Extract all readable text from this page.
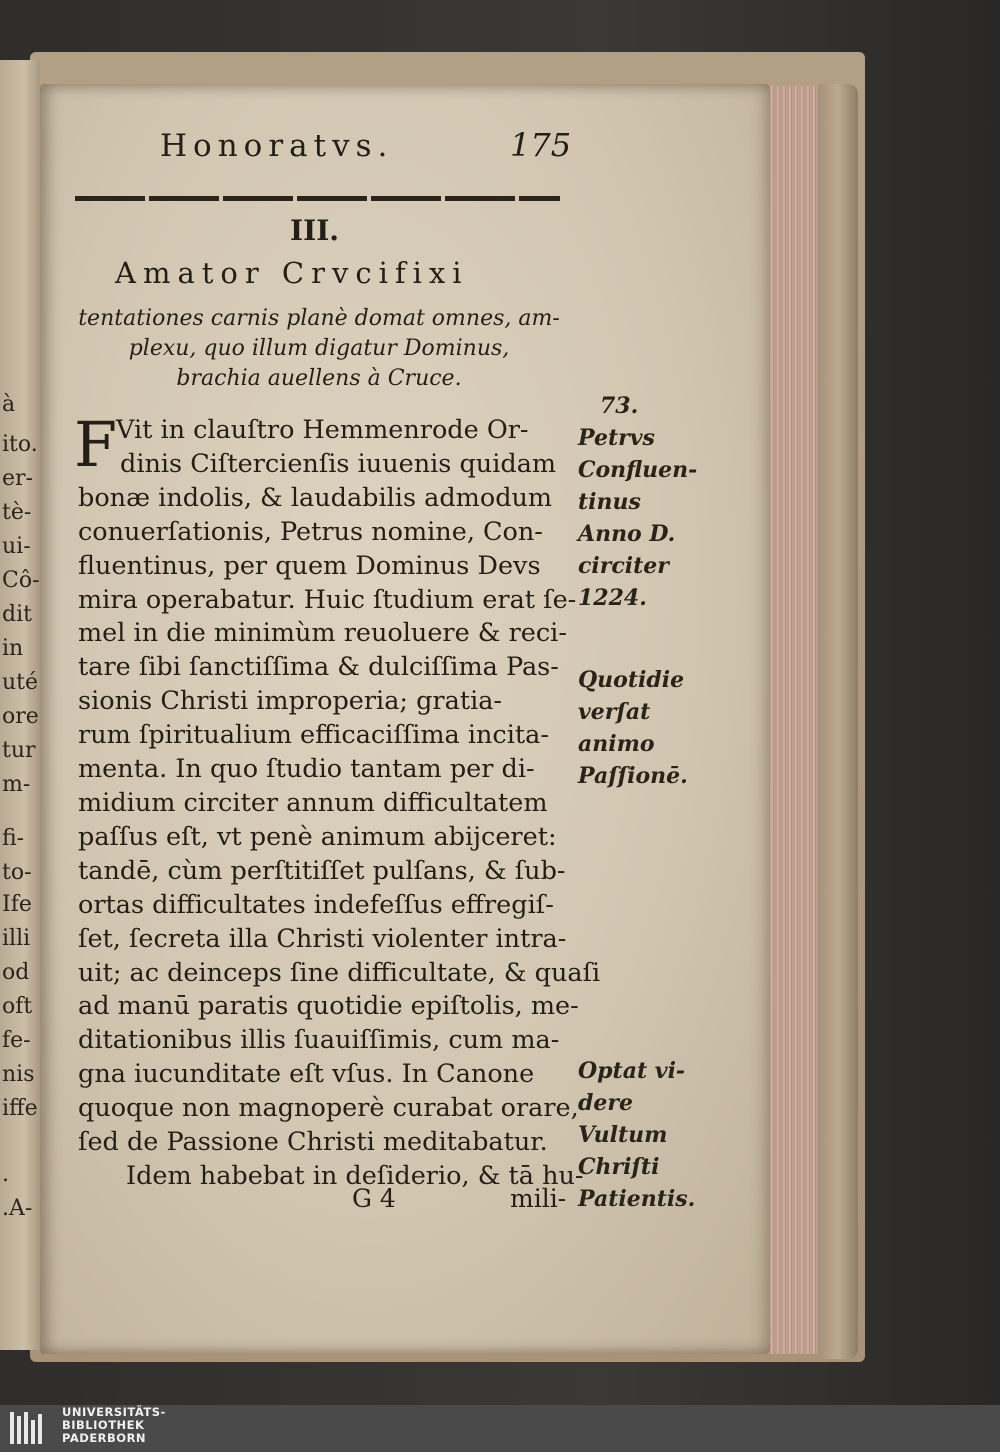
à
ito.
er-
tè-
ui-
Cô-
dit
in
uté
ore
tur
m-
fi-
to-
Ife
illi
od
oft
fe-
nis
iffe
.
.A-
Honoratvs.	175
III.
Amator Crvcifixi
tentationes carnis planè domat omnes, am-
plexu, quo illum digatur Dominus,
brachia auellens à Cruce.
F
Vit in clauſtro Hemmenrode Or-
dinis Ciſtercienſis iuuenis quidam
bonæ indolis, & laudabilis admodum
conuerſationis, Petrus nomine, Con-
fluentinus, per quem Dominus Devs
mira operabatur. Huic ſtudium erat ſe-
mel in die minimùm reuoluere & reci-
tare ſibi ſanctiſſima & dulciſſima Pas-
sionis Christi improperia; gratia-
rum ſpiritualium efficaciſſima incita-
menta. In quo ſtudio tantam per di-
midium circiter annum difficultatem
paſſus eſt, vt penè animum abijceret:
tandē, cùm perſtitiſſet pulſans, & ſub-
ortas difficultates indefeſſus effregiſ-
ſet, ſecreta illa Christi violenter intra-
uit; ac deinceps ſine difficultate, & quaſi
ad manū paratis quotidie epiſtolis, me-
ditationibus illis ſuauiſſimis, cum ma-
gna iucunditate eſt vſus. In Canone
quoque non magnoperè curabat orare,
ſed de Passione Christi meditabatur.
Idem habebat in deſiderio, & tā hu-
73.
Petrvs
Confluen-
tinus
Anno D.
circiter
1224.
Quotidie
verſat
animo
Paſſionē.
Optat vi-
dere
Vultum
Chriſti
Patientis.
G 4	mili-
UNIVERSITÄTS-
BIBLIOTHEK
PADERBORN
